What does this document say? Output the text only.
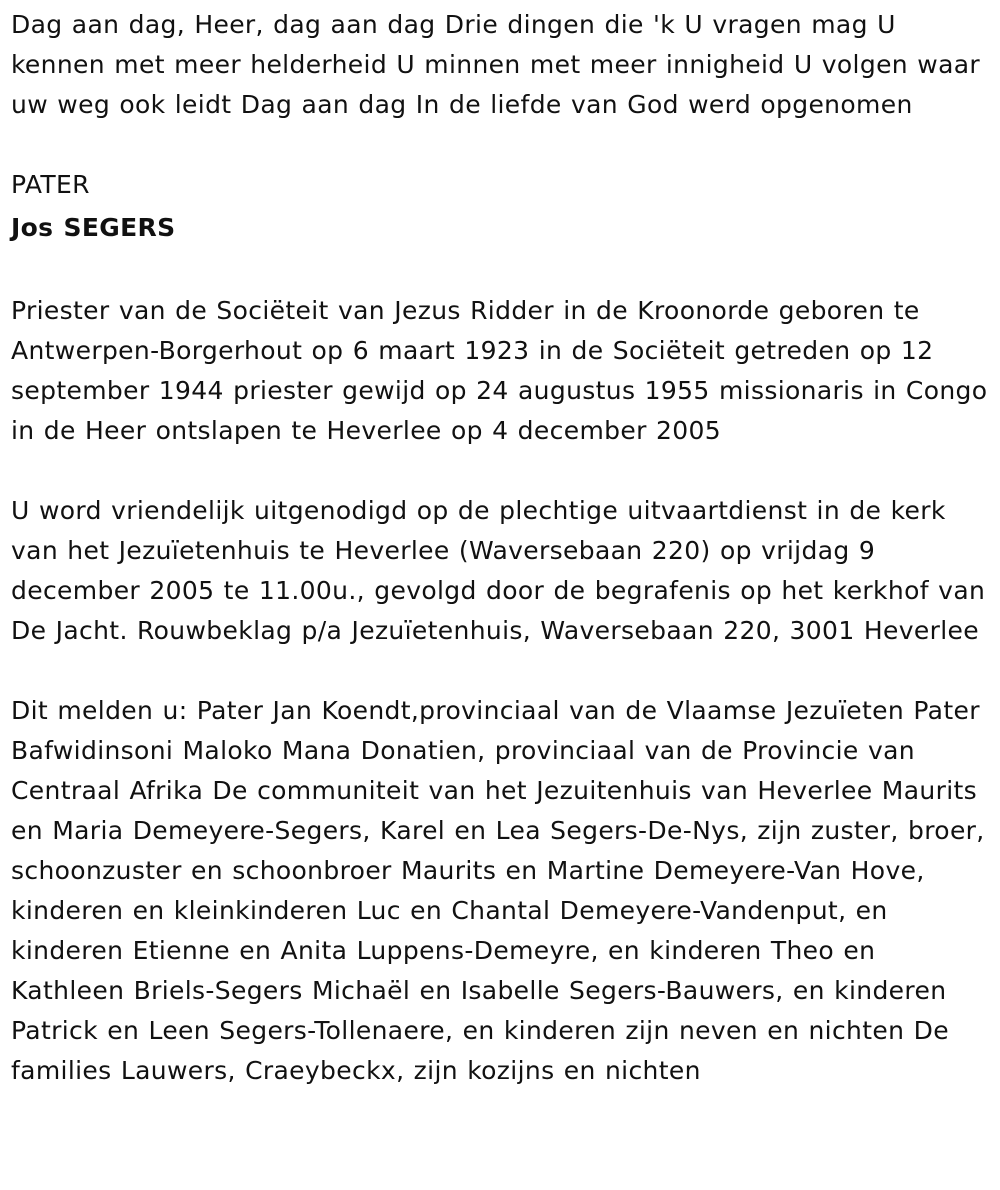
Dag aan dag, Heer, dag aan dag Drie dingen die 'k U vragen mag U kennen met meer helderheid U minnen met meer innigheid U volgen waar uw weg ook leidt Dag aan dag In de liefde van God werd opgenomen

PATER

Jos SEGERS

Priester van de Sociëteit van Jezus Ridder in de Kroonorde geboren te Antwerpen-Borgerhout op 6 maart 1923 in de Sociëteit getreden op 12 september 1944 priester gewijd op 24 augustus 1955 missionaris in Congo in de Heer ontslapen te Heverlee op 4 december 2005

U word vriendelijk uitgenodigd op de plechtige uitvaartdienst in de kerk van het Jezuïetenhuis te Heverlee (Waversebaan 220) op vrijdag 9 december 2005 te 11.00u., gevolgd door de begrafenis op het kerkhof van De Jacht. Rouwbeklag p/a Jezuïetenhuis, Waversebaan 220, 3001 Heverlee

Dit melden u: Pater Jan Koendt,provinciaal van de Vlaamse Jezuïeten Pater Bafwidinsoni Maloko Mana Donatien, provinciaal van de Provincie van Centraal Afrika De communiteit van het Jezuitenhuis van Heverlee Maurits en Maria Demeyere-Segers, Karel en Lea Segers-De-Nys, zijn zuster, broer, schoonzuster en schoonbroer Maurits en Martine Demeyere-Van Hove, kinderen en kleinkinderen Luc en Chantal Demeyere-Vandenput, en kinderen Etienne en Anita Luppens-Demeyre, en kinderen Theo en Kathleen Briels-Segers Michaël en Isabelle Segers-Bauwers, en kinderen Patrick en Leen Segers-Tollenaere, en kinderen zijn neven en nichten De families Lauwers, Craeybeckx, zijn kozijns en nichten
